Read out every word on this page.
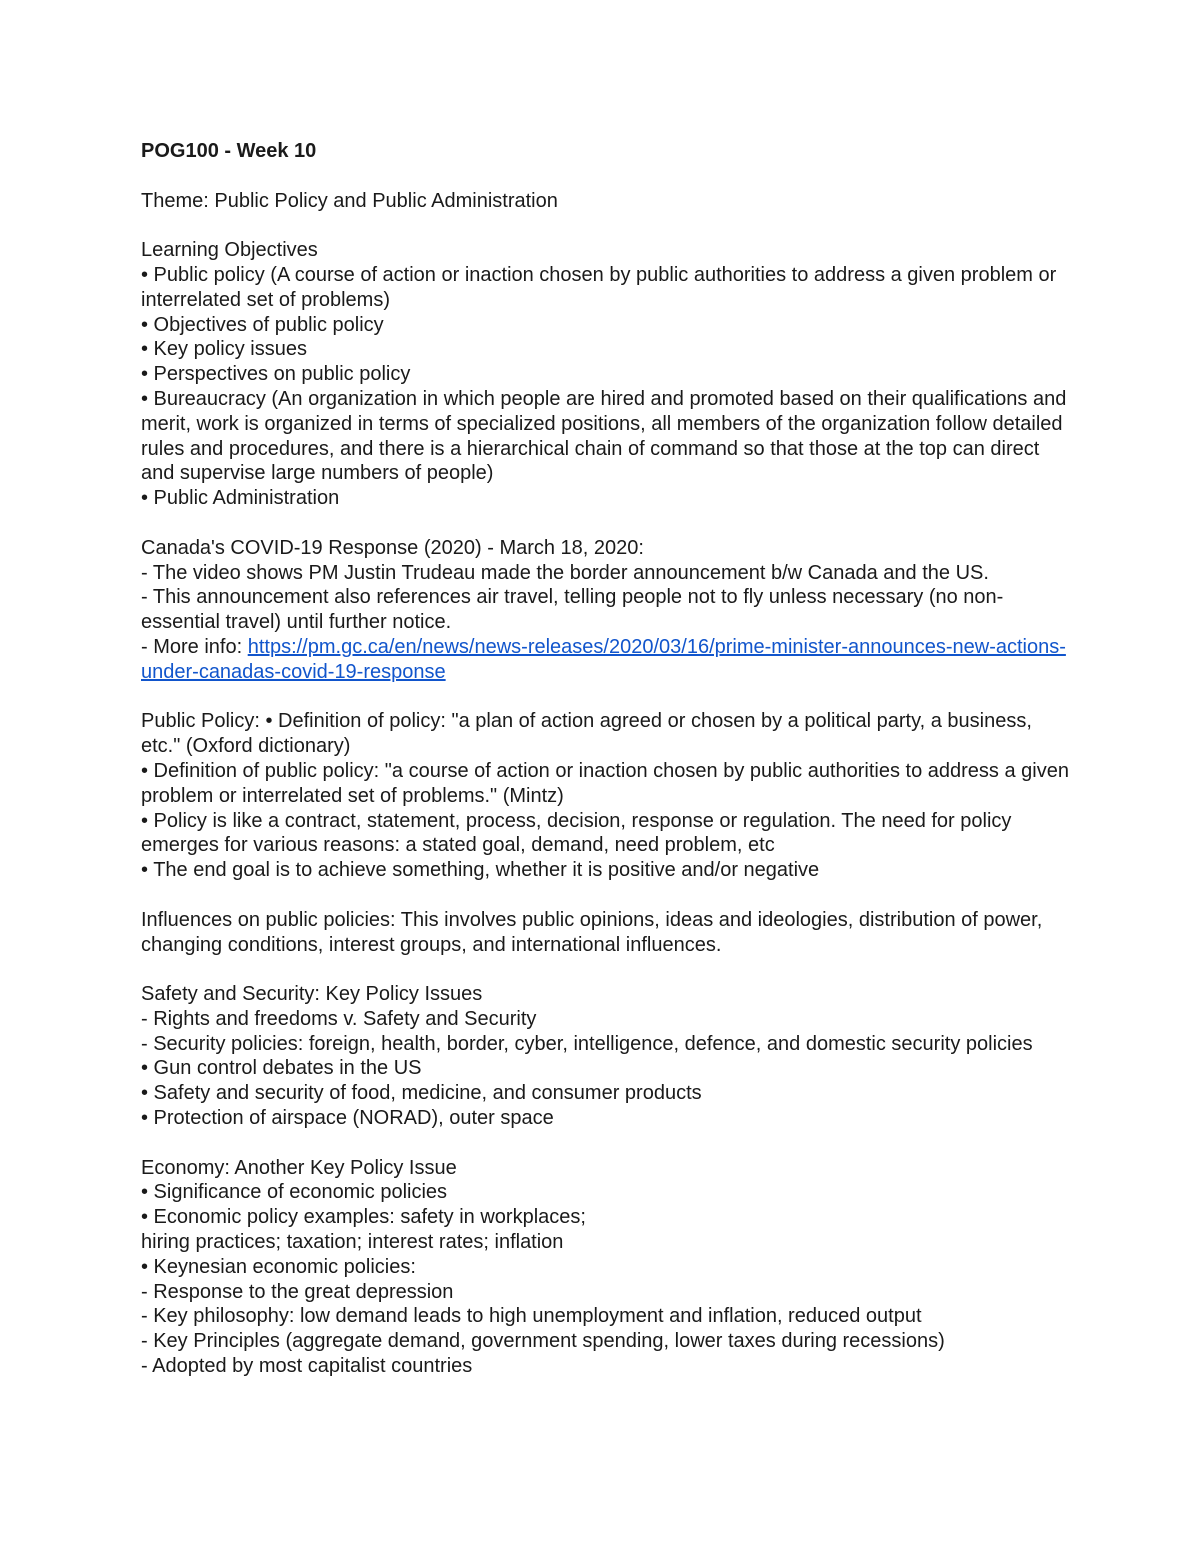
POG100 - Week 10

Theme: Public Policy and Public Administration

Learning Objectives

• Public policy (A course of action or inaction chosen by public authorities to address a given problem or interrelated set of problems)

• Objectives of public policy

• Key policy issues

• Perspectives on public policy

• Bureaucracy (An organization in which people are hired and promoted based on their qualifications and merit, work is organized in terms of specialized positions, all members of the organization follow detailed rules and procedures, and there is a hierarchical chain of command so that those at the top can direct and supervise large numbers of people)

• Public Administration

Canada's COVID-19 Response (2020) - March 18, 2020:

- The video shows PM Justin Trudeau made the border announcement b/w Canada and the US.

- This announcement also references air travel, telling people not to fly unless necessary (no non-essential travel) until further notice.

- More info: https://pm.gc.ca/en/news/news-releases/2020/03/16/prime-minister-announces-new-actions-under-canadas-covid-19-response

Public Policy: • Definition of policy: "a plan of action agreed or chosen by a political party, a business, etc." (Oxford dictionary)

• Definition of public policy: "a course of action or inaction chosen by public authorities to address a given problem or interrelated set of problems." (Mintz)

• Policy is like a contract, statement, process, decision, response or regulation. The need for policy emerges for various reasons: a stated goal, demand, need problem, etc

• The end goal is to achieve something, whether it is positive and/or negative

Influences on public policies: This involves public opinions, ideas and ideologies, distribution of power, changing conditions, interest groups, and international influences.

Safety and Security: Key Policy Issues

- Rights and freedoms v. Safety and Security

- Security policies: foreign, health, border, cyber, intelligence, defence, and domestic security policies

• Gun control debates in the US

• Safety and security of food, medicine, and consumer products

• Protection of airspace (NORAD), outer space

Economy: Another Key Policy Issue

• Significance of economic policies

• Economic policy examples: safety in workplaces;

hiring practices; taxation; interest rates; inflation

• Keynesian economic policies:

- Response to the great depression

- Key philosophy: low demand leads to high unemployment and inflation, reduced output

- Key Principles (aggregate demand, government spending, lower taxes during recessions)

- Adopted by most capitalist countries
